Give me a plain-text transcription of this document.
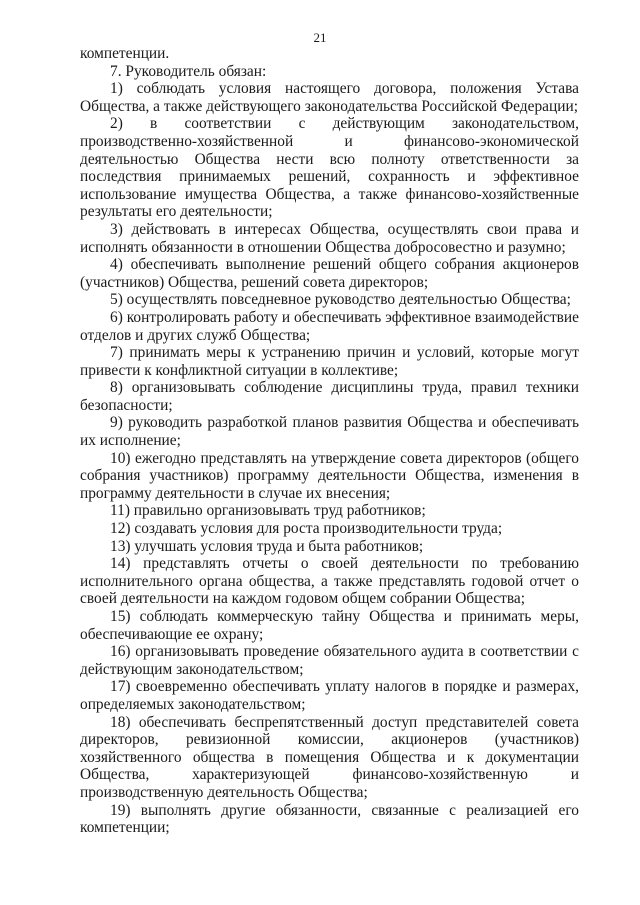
21

компетенции.

7. Руководитель обязан:

1) соблюдать условия настоящего договора, положения Устава Общества, а также действующего законодательства Российской Федерации;

2) в соответствии с действующим законодательством, производственно-хозяйственной и финансово-экономической деятельностью Общества нести всю полноту ответственности за последствия принимаемых решений, сохранность и эффективное использование имущества Общества, а также финансово-хозяйственные результаты его деятельности;

3) действовать в интересах Общества, осуществлять свои права и исполнять обязанности в отношении Общества добросовестно и разумно;

4) обеспечивать выполнение решений общего собрания акционеров (участников) Общества, решений совета директоров;

5) осуществлять повседневное руководство деятельностью Общества;

6) контролировать работу и обеспечивать эффективное взаимодействие отделов и других служб Общества;

7) принимать меры к устранению причин и условий, которые могут привести к конфликтной ситуации в коллективе;

8) организовывать соблюдение дисциплины труда, правил техники безопасности;

9) руководить разработкой планов развития Общества и обеспечивать их исполнение;

10) ежегодно представлять на утверждение совета директоров (общего собрания участников) программу деятельности Общества, изменения в программу деятельности в случае их внесения;

11) правильно организовывать труд работников;

12) создавать условия для роста производительности труда;

13) улучшать условия труда и быта работников;

14) представлять отчеты о своей деятельности по требованию исполнительного органа общества, а также представлять годовой отчет о своей деятельности на каждом годовом общем собрании Общества;

15) соблюдать коммерческую тайну Общества и принимать меры, обеспечивающие ее охрану;

16) организовывать проведение обязательного аудита в соответствии с действующим законодательством;

17) своевременно обеспечивать уплату налогов в порядке и размерах, определяемых законодательством;

18) обеспечивать беспрепятственный доступ представителей совета директоров, ревизионной комиссии, акционеров (участников) хозяйственного общества в помещения Общества и к документации Общества, характеризующей финансово-хозяйственную и производственную деятельность Общества;

19) выполнять другие обязанности, связанные с реализацией его компетенции;
